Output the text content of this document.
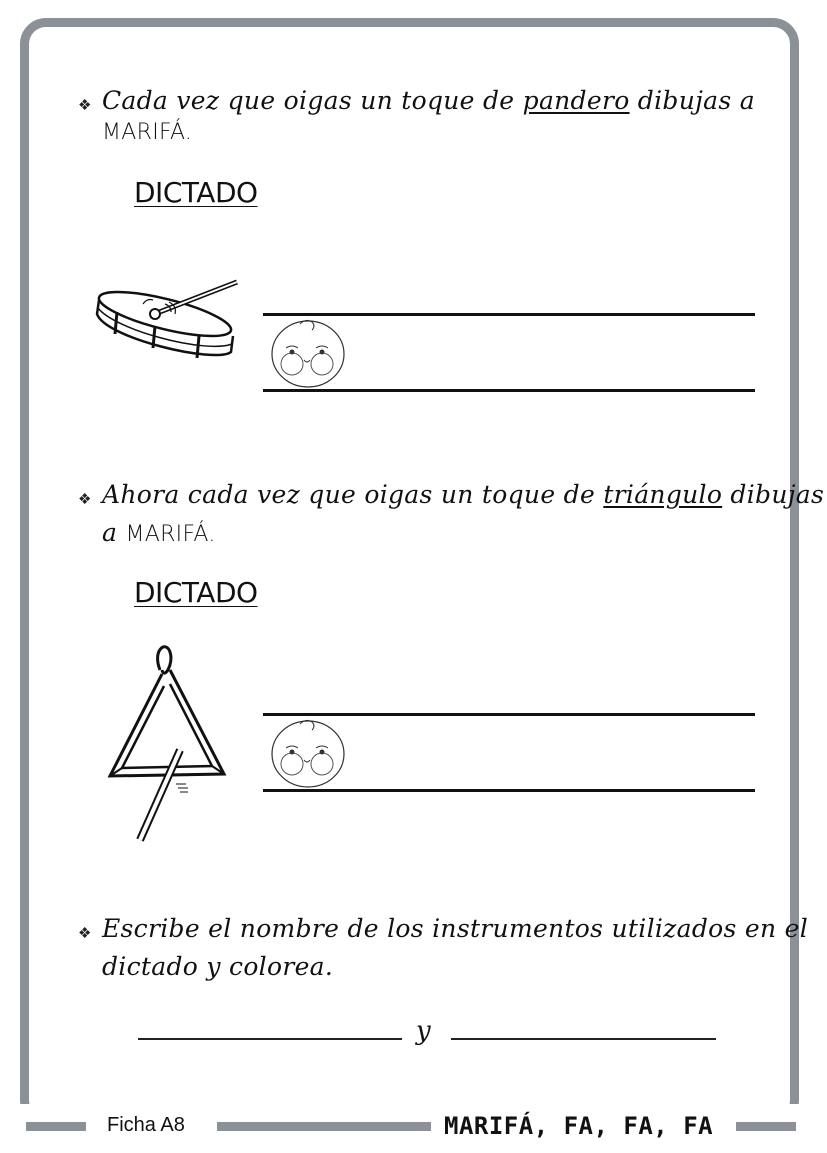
❖ Cada vez que oigas un toque de pandero dibujas a
MARIFÁ.
DICTADO
❖ Ahora cada vez que oigas un toque de triángulo dibujas
a MARIFÁ.
DICTADO
❖ Escribe el nombre de los instrumentos utilizados en el
dictado y colorea.
y
Ficha A8	MARIFÁ, FA, FA, FA
